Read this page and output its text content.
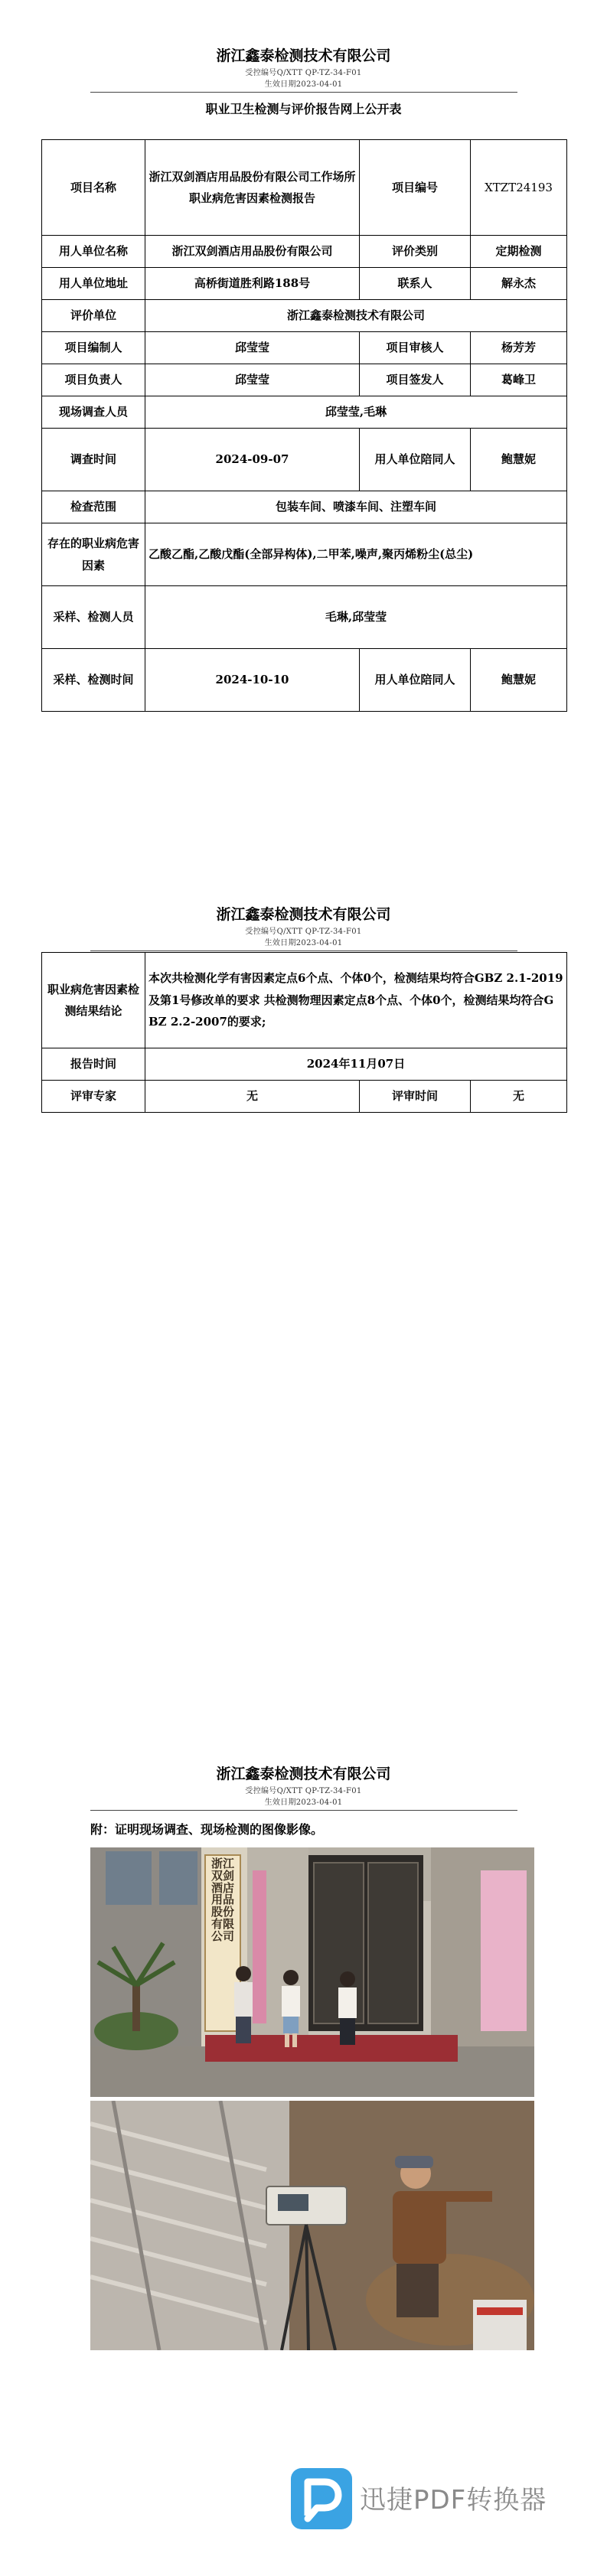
浙江鑫泰检测技术有限公司
受控编号Q/XTT QP-TZ-34-F01
生效日期2023-04-01
职业卫生检测与评价报告网上公开表
项目名称	浙江双剑酒店用品股份有限公司工作场所职业病危害因素检测报告	项目编号	XTZT24193
用人单位名称	浙江双剑酒店用品股份有限公司	评价类别	定期检测
用人单位地址	高桥街道胜利路188号	联系人	解永杰
评价单位	浙江鑫泰检测技术有限公司		
项目编制人	邱莹莹	项目审核人	杨芳芳
项目负责人	邱莹莹	项目签发人	葛峰卫
现场调查人员	邱莹莹,毛琳		
调查时间	2024-09-07	用人单位陪同人	鲍慧妮
检查范围	包装车间、喷漆车间、注塑车间		
存在的职业病危害因素	乙酸乙酯,乙酸戊酯(全部异构体),二甲苯,噪声,聚丙烯粉尘(总尘)		
采样、检测人员	毛琳,邱莹莹		
采样、检测时间	2024-10-10	用人单位陪同人	鲍慧妮
浙江鑫泰检测技术有限公司
受控编号Q/XTT QP-TZ-34-F01
生效日期2023-04-01
职业病危害因素检测结果结论	本次共检测化学有害因素定点6个点、个体0个，检测结果均符合GBZ 2.1-2019及第1号修改单的要求 共检测物理因素定点8个点、个体0个，检测结果均符合GBZ 2.2-2007的要求;		
报告时间	2024年11月07日		
评审专家	无	评审时间	无
浙江鑫泰检测技术有限公司
受控编号Q/XTT QP-TZ-34-F01
生效日期2023-04-01
附：证明现场调查、现场检测的图像影像。
浙江双剑酒店用品股份有限公司
迅捷PDF转换器
